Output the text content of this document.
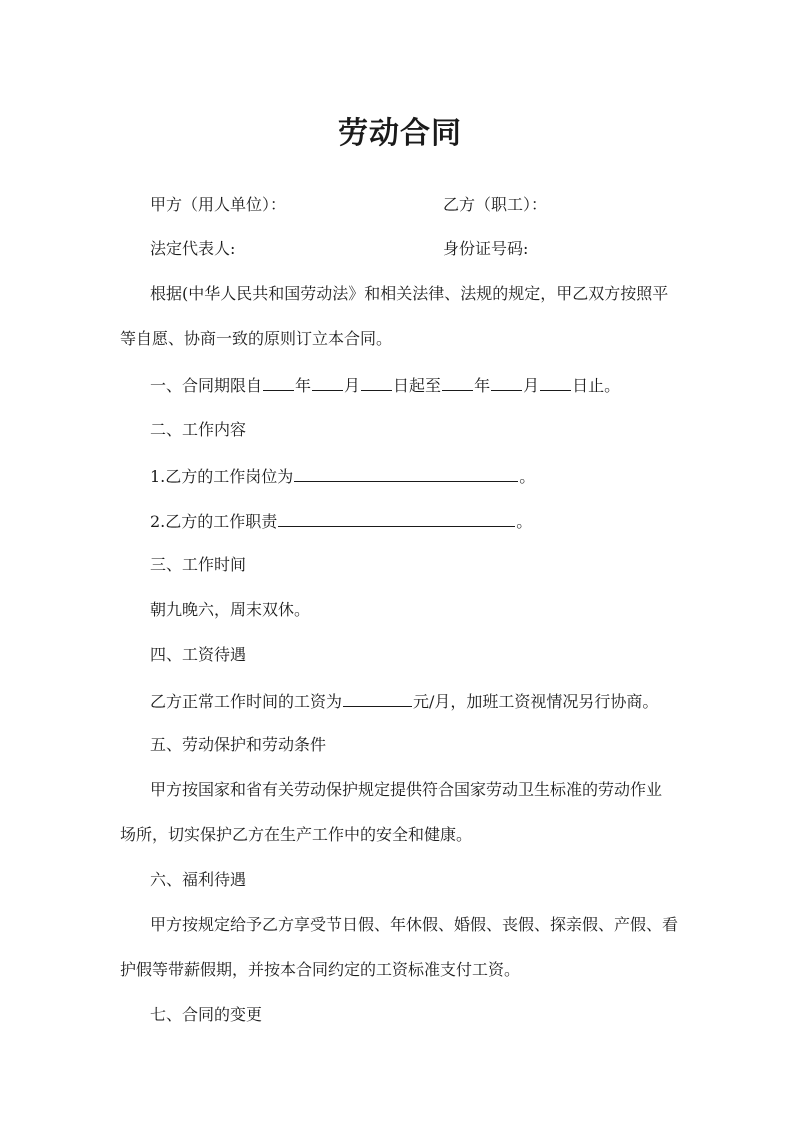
劳动合同
甲方（用人单位）：	乙方（职工）：
法定代表人:	身份证号码:
根据(中华人民共和国劳动法》和相关法律、法规的规定，甲乙双方按照平
等自愿、协商一致的原则订立本合同。
一、合同期限自 年 月 日起至 年 月 日止。
二、工作内容
1.乙方的工作岗位为	。
2.乙方的工作职责	。
三、工作时间
朝九晚六，周末双休。
四、工资待遇
乙方正常工作时间的工资为	元/月，加班工资视情况另行协商。
五、劳动保护和劳动条件
甲方按国家和省有关劳动保护规定提供符合国家劳动卫生标准的劳动作业
场所，切实保护乙方在生产工作中的安全和健康。
六、福利待遇
甲方按规定给予乙方享受节日假、年休假、婚假、丧假、探亲假、产假、看
护假等带薪假期，并按本合同约定的工资标准支付工资。
七、合同的变更
